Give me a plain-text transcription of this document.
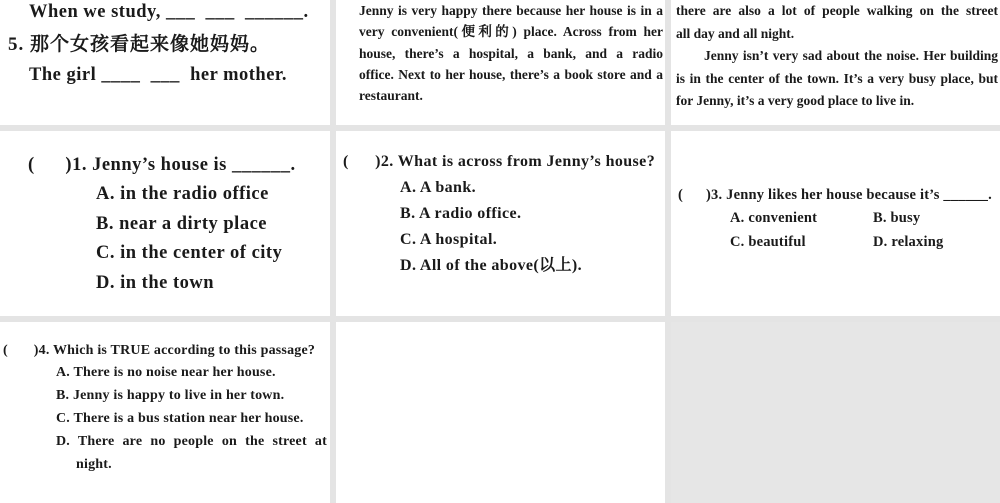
When we study, ___  ___  ______.
5. 那个女孩看起来像她妈妈。
The girl ____  ___  her mother.
Jenny is very happy there because her house is in a
very convenient(便利的) place. Across from her
house, there’s a hospital, a bank, and a radio
office. Next to her house, there’s a book store and a
restaurant.
there are also a lot of people walking on the street
all day and all night.
Jenny isn’t very sad about the noise. Her building
is in the center of the town. It’s a very busy place, but
for Jenny, it’s a very good place to live in.
(      )1. Jenny’s house is ______.
A. in the radio office
B. near a dirty place
C. in the center of city
D. in the town
(      )2. What is across from Jenny’s house?
A. A bank.
B. A radio office.
C. A hospital.
D. All of the above(以上).
(      )3. Jenny likes her house because it’s ______.
A. convenient	B. busy
C. beautiful	D. relaxing
(       )4. Which is TRUE according to this passage?
A. There is no noise near her house.
B. Jenny is happy to live in her town.
C. There is a bus station near her house.
D. There are no people on the street at
night.
